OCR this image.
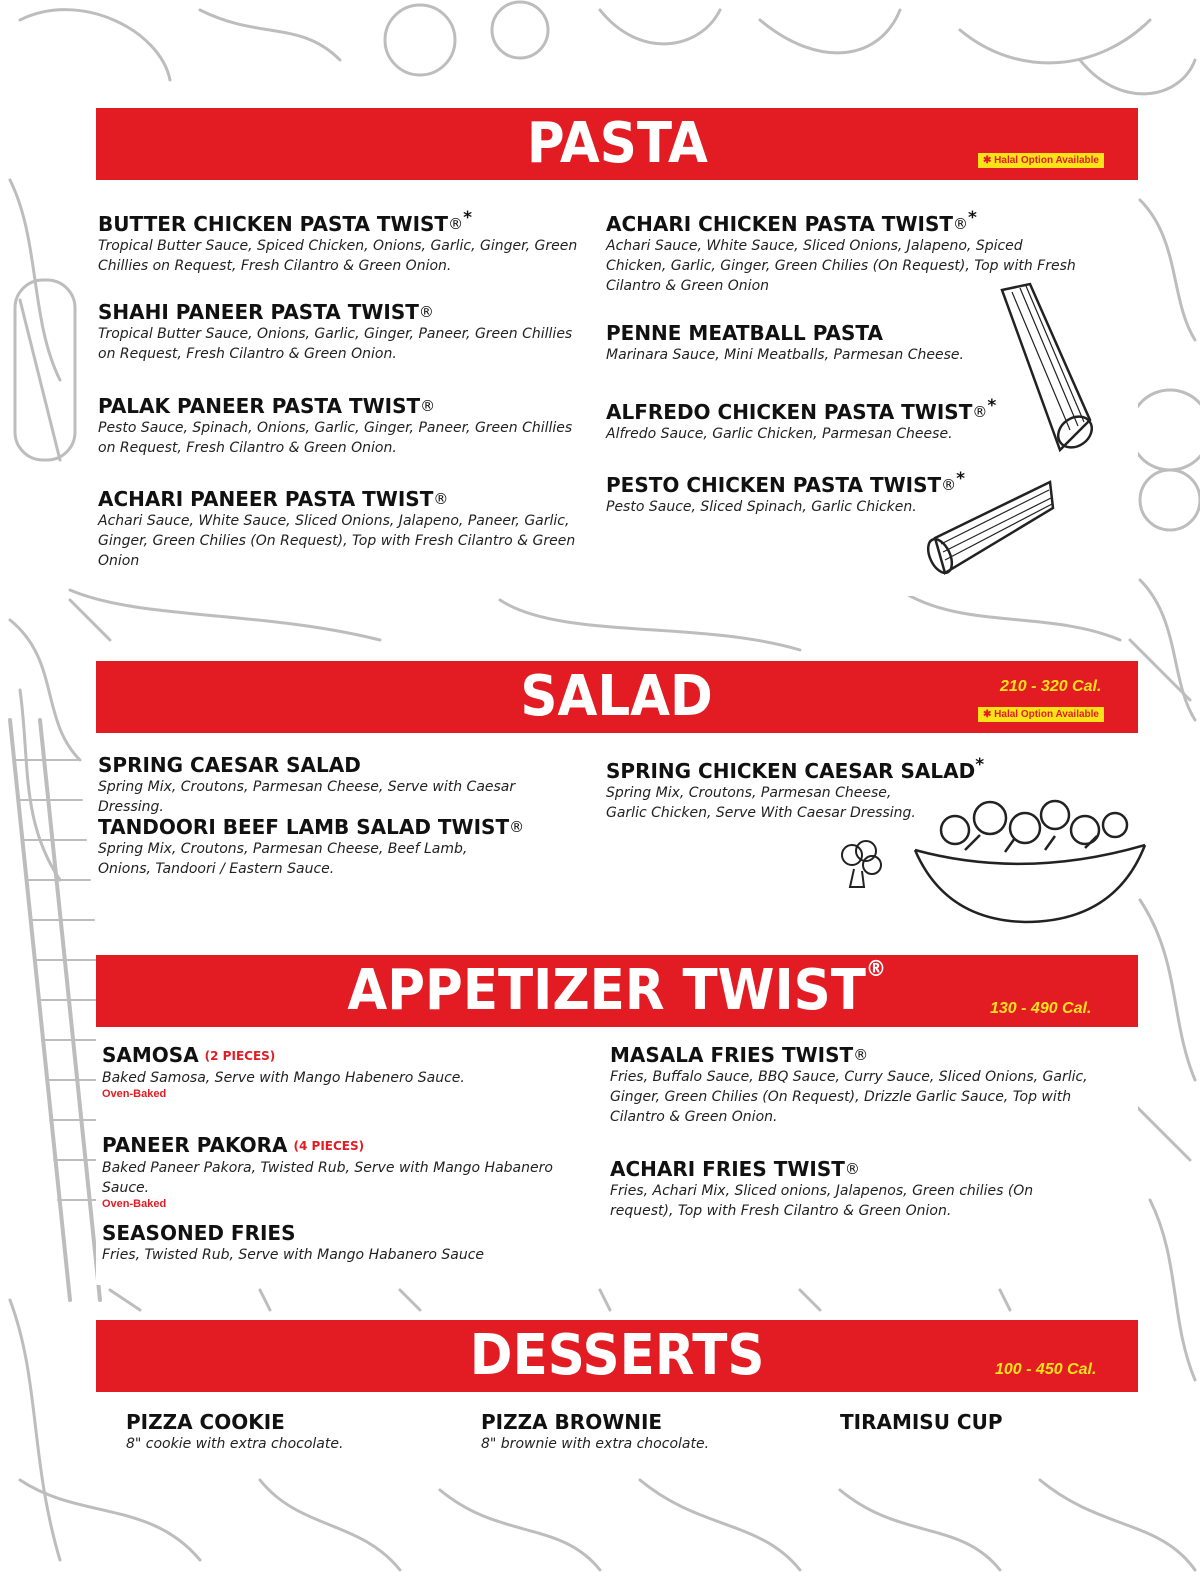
PASTA	✱ Halal Option Available
BUTTER CHICKEN PASTA TWIST®*
Tropical Butter Sauce, Spiced Chicken, Onions, Garlic, Ginger, Green Chillies on Request, Fresh Cilantro & Green Onion.
SHAHI PANEER PASTA TWIST®
Tropical Butter Sauce, Onions, Garlic, Ginger, Paneer, Green Chillies on Request, Fresh Cilantro & Green Onion.
PALAK PANEER PASTA TWIST®
Pesto Sauce, Spinach, Onions, Garlic, Ginger, Paneer, Green Chillies on Request, Fresh Cilantro & Green Onion.
ACHARI PANEER PASTA TWIST®
Achari Sauce, White Sauce, Sliced Onions, Jalapeno, Paneer, Garlic, Ginger, Green Chilies (On Request), Top with Fresh Cilantro & Green Onion
ACHARI CHICKEN PASTA TWIST®*
Achari Sauce, White Sauce, Sliced Onions, Jalapeno, Spiced Chicken, Garlic, Ginger, Green Chilies (On Request), Top with Fresh Cilantro & Green Onion
PENNE MEATBALL PASTA
Marinara Sauce, Mini Meatballs, Parmesan Cheese.
ALFREDO CHICKEN PASTA TWIST®*
Alfredo Sauce, Garlic Chicken, Parmesan Cheese.
PESTO CHICKEN PASTA TWIST®*
Pesto Sauce, Sliced Spinach, Garlic Chicken.
SALAD	210 - 320 Cal.
✱ Halal Option Available
SPRING CAESAR SALAD
Spring Mix, Croutons, Parmesan Cheese, Serve with Caesar Dressing.
TANDOORI BEEF LAMB SALAD TWIST®
Spring Mix, Croutons, Parmesan Cheese, Beef Lamb, Onions, Tandoori / Eastern Sauce.
SPRING CHICKEN CAESAR SALAD*
Spring Mix, Croutons, Parmesan Cheese, Garlic Chicken, Serve With Caesar Dressing.
APPETIZER TWIST®
130 - 490 Cal.
SAMOSA (2 PIECES)
Baked Samosa, Serve with Mango Habenero Sauce.
Oven-Baked
PANEER PAKORA (4 PIECES)
Baked Paneer Pakora, Twisted Rub, Serve with Mango Habanero Sauce.
Oven-Baked
SEASONED FRIES
Fries, Twisted Rub, Serve with Mango Habanero Sauce
MASALA FRIES TWIST®
Fries, Buffalo Sauce, BBQ Sauce, Curry Sauce, Sliced Onions, Garlic, Ginger, Green Chilies (On Request), Drizzle Garlic Sauce, Top with Cilantro & Green Onion.
ACHARI FRIES TWIST®
Fries, Achari Mix, Sliced onions, Jalapenos, Green chilies (On request), Top with Fresh Cilantro & Green Onion.
DESSERTS	100 - 450 Cal.
PIZZA COOKIE
8" cookie with extra chocolate.
PIZZA BROWNIE
8" brownie with extra chocolate.
TIRAMISU CUP
